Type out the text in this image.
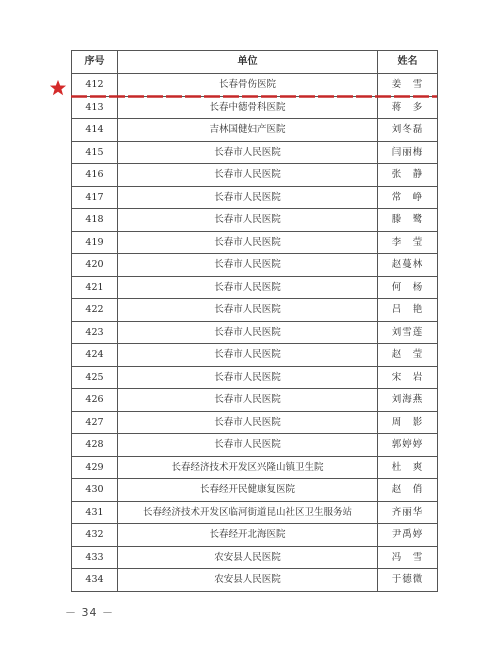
序号	单位	姓名
412	长春骨伤医院	姜　雪
413	长春中德骨科医院	蒋　多
414	吉林国健妇产医院	刘冬磊
415	长春市人民医院	闫丽梅
416	长春市人民医院	张　静
417	长春市人民医院	常　峥
418	长春市人民医院	滕　鹭
419	长春市人民医院	李　莹
420	长春市人民医院	赵蔓林
421	长春市人民医院	何　杨
422	长春市人民医院	吕　艳
423	长春市人民医院	刘雪莲
424	长春市人民医院	赵　莹
425	长春市人民医院	宋　岩
426	长春市人民医院	刘海燕
427	长春市人民医院	周　影
428	长春市人民医院	郭婷婷
429	长春经济技术开发区兴隆山镇卫生院	杜　爽
430	长春经开民健康复医院	赵　俏
431	长春经济技术开发区临河街道昆山社区卫生服务站	齐丽华
432	长春经开北海医院	尹禹婷
433	农安县人民医院	冯　雪
434	农安县人民医院	于德微
－ 34 －
